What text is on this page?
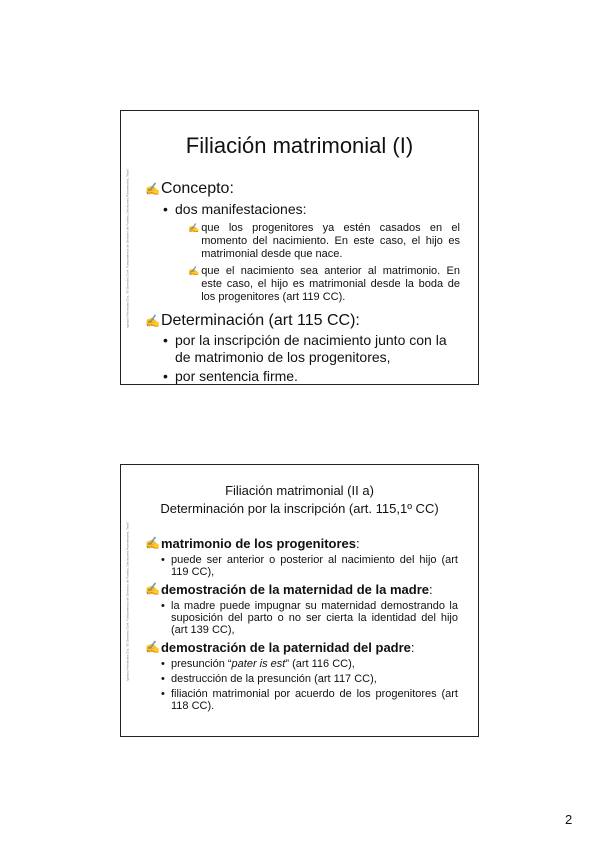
Ignacio Ferrández Cía, "El Derecho Civil: Fundamentos de Derecho de Familia, Decisiones Parenterales, Tesis"
Filiación matrimonial (I)
✍ Concepto:
• dos manifestaciones:
✍ que los progenitores ya estén casados en el momento del nacimiento. En este caso, el hijo es matrimonial desde que nace.
✍ que el nacimiento sea anterior al matrimonio. En este caso, el hijo es matrimonial desde la boda de los progenitores (art 119 CC).
✍ Determinación (art 115 CC):
• por la inscripción de nacimiento junto con la de matrimonio de los progenitores,
• por sentencia firme.
Ignacio Ferrández Cía, "El Derecho Civil: Fundamentos de Derecho de Familia, Decisiones Parenterales, Tesis"
Filiación matrimonial (II a)
Determinación por la inscripción (art. 115,1º CC)
✍ matrimonio de los progenitores:
• puede ser anterior o posterior al nacimiento del hijo (art 119 CC),
✍ demostración de la maternidad de la madre:
• la madre puede impugnar su maternidad demostrando la suposición del parto o no ser cierta la identidad del hijo (art 139 CC),
✍ demostración de la paternidad del padre:
• presunción “pater is est” (art 116 CC),
• destrucción de la presunción (art 117 CC),
• filiación matrimonial por acuerdo de los progenitores (art 118 CC).
2
